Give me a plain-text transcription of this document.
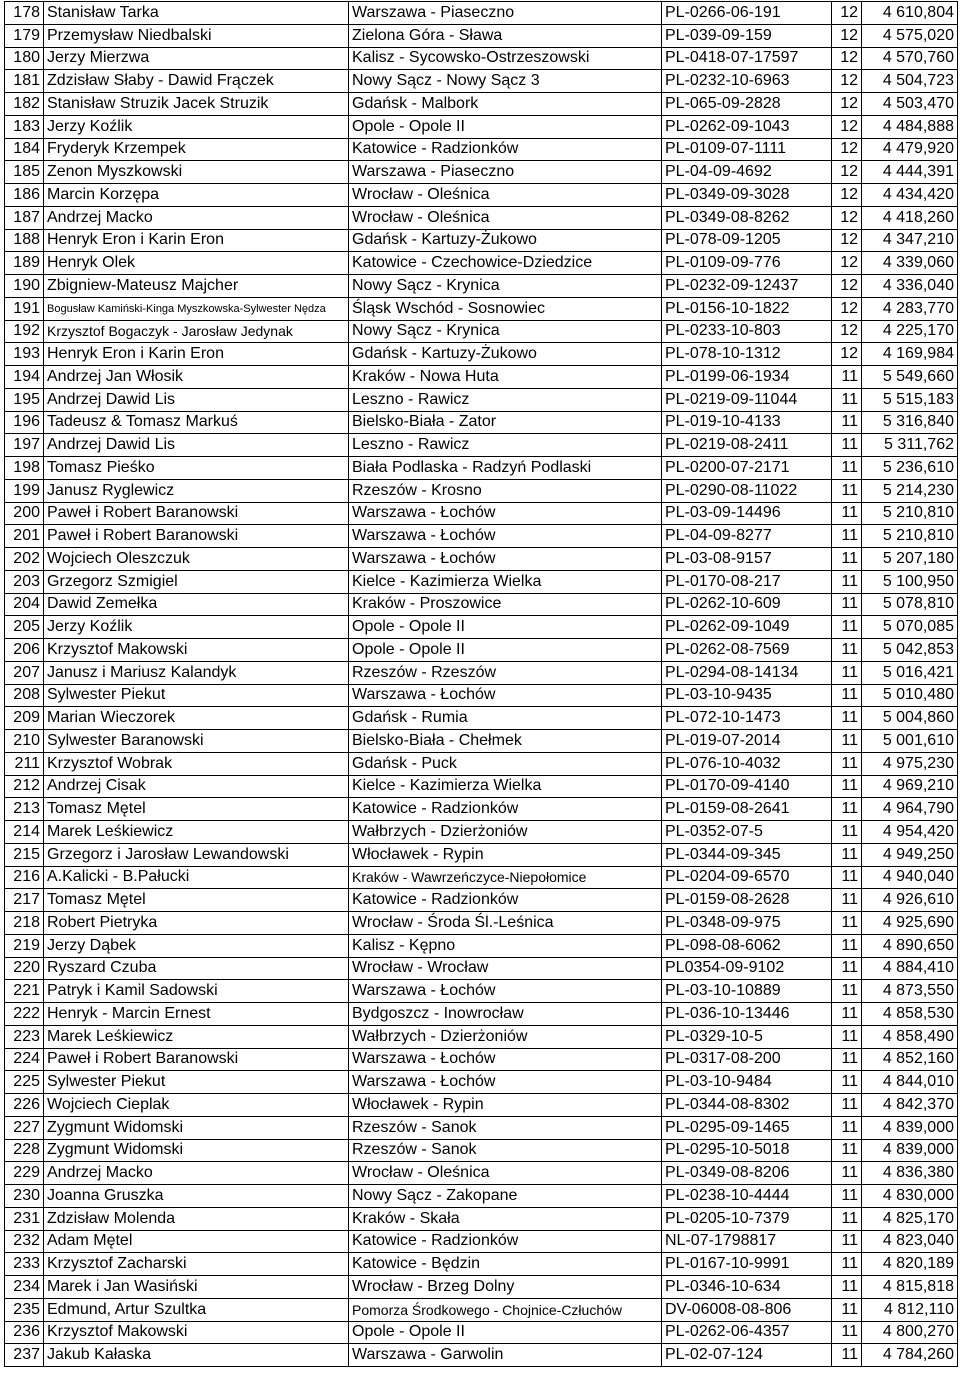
178	Stanisław Tarka	Warszawa - Piaseczno	PL-0266-06-191	12	4 610,804
179	Przemysław Niedbalski	Zielona Góra - Sława	PL-039-09-159	12	4 575,020
180	Jerzy Mierzwa	Kalisz - Sycowsko-Ostrzeszowski	PL-0418-07-17597	12	4 570,760
181	Zdzisław Słaby - Dawid Frączek	Nowy Sącz - Nowy Sącz 3	PL-0232-10-6963	12	4 504,723
182	Stanisław Struzik Jacek Struzik	Gdańsk - Malbork	PL-065-09-2828	12	4 503,470
183	Jerzy Koźlik	Opole - Opole II	PL-0262-09-1043	12	4 484,888
184	Fryderyk Krzempek	Katowice - Radzionków	PL-0109-07-1111	12	4 479,920
185	Zenon Myszkowski	Warszawa - Piaseczno	PL-04-09-4692	12	4 444,391
186	Marcin Korzępa	Wrocław - Oleśnica	PL-0349-09-3028	12	4 434,420
187	Andrzej Macko	Wrocław - Oleśnica	PL-0349-08-8262	12	4 418,260
188	Henryk Eron i Karin Eron	Gdańsk - Kartuzy-Żukowo	PL-078-09-1205	12	4 347,210
189	Henryk Olek	Katowice - Czechowice-Dziedzice	PL-0109-09-776	12	4 339,060
190	Zbigniew-Mateusz Majcher	Nowy Sącz - Krynica	PL-0232-09-12437	12	4 336,040
191	Bogusław Kamiński-Kinga Myszkowska-Sylwester Nędza	Śląsk Wschód - Sosnowiec	PL-0156-10-1822	12	4 283,770
192	Krzysztof Bogaczyk - Jarosław Jedynak	Nowy Sącz - Krynica	PL-0233-10-803	12	4 225,170
193	Henryk Eron i Karin Eron	Gdańsk - Kartuzy-Żukowo	PL-078-10-1312	12	4 169,984
194	Andrzej Jan Włosik	Kraków - Nowa Huta	PL-0199-06-1934	11	5 549,660
195	Andrzej Dawid Lis	Leszno - Rawicz	PL-0219-09-11044	11	5 515,183
196	Tadeusz & Tomasz Markuś	Bielsko-Biała - Zator	PL-019-10-4133	11	5 316,840
197	Andrzej Dawid Lis	Leszno - Rawicz	PL-0219-08-2411	11	5 311,762
198	Tomasz Pieśko	Biała Podlaska - Radzyń Podlaski	PL-0200-07-2171	11	5 236,610
199	Janusz Ryglewicz	Rzeszów - Krosno	PL-0290-08-11022	11	5 214,230
200	Paweł i Robert Baranowski	Warszawa - Łochów	PL-03-09-14496	11	5 210,810
201	Paweł i Robert Baranowski	Warszawa - Łochów	PL-04-09-8277	11	5 210,810
202	Wojciech Oleszczuk	Warszawa - Łochów	PL-03-08-9157	11	5 207,180
203	Grzegorz Szmigiel	Kielce - Kazimierza Wielka	PL-0170-08-217	11	5 100,950
204	Dawid Zemełka	Kraków - Proszowice	PL-0262-10-609	11	5 078,810
205	Jerzy Koźlik	Opole - Opole II	PL-0262-09-1049	11	5 070,085
206	Krzysztof Makowski	Opole - Opole II	PL-0262-08-7569	11	5 042,853
207	Janusz i Mariusz Kalandyk	Rzeszów - Rzeszów	PL-0294-08-14134	11	5 016,421
208	Sylwester Piekut	Warszawa - Łochów	PL-03-10-9435	11	5 010,480
209	Marian Wieczorek	Gdańsk - Rumia	PL-072-10-1473	11	5 004,860
210	Sylwester Baranowski	Bielsko-Biała - Chełmek	PL-019-07-2014	11	5 001,610
211	Krzysztof Wobrak	Gdańsk - Puck	PL-076-10-4032	11	4 975,230
212	Andrzej Cisak	Kielce - Kazimierza Wielka	PL-0170-09-4140	11	4 969,210
213	Tomasz Mętel	Katowice - Radzionków	PL-0159-08-2641	11	4 964,790
214	Marek Leśkiewicz	Wałbrzych - Dzierżoniów	PL-0352-07-5	11	4 954,420
215	Grzegorz i Jarosław Lewandowski	Włocławek - Rypin	PL-0344-09-345	11	4 949,250
216	A.Kalicki - B.Pałucki	Kraków - Wawrzeńczyce-Niepołomice	PL-0204-09-6570	11	4 940,040
217	Tomasz Mętel	Katowice - Radzionków	PL-0159-08-2628	11	4 926,610
218	Robert Pietryka	Wrocław - Środa Śl.-Leśnica	PL-0348-09-975	11	4 925,690
219	Jerzy Dąbek	Kalisz - Kępno	PL-098-08-6062	11	4 890,650
220	Ryszard Czuba	Wrocław - Wrocław	PL0354-09-9102	11	4 884,410
221	Patryk i Kamil Sadowski	Warszawa - Łochów	PL-03-10-10889	11	4 873,550
222	Henryk - Marcin Ernest	Bydgoszcz - Inowrocław	PL-036-10-13446	11	4 858,530
223	Marek Leśkiewicz	Wałbrzych - Dzierżoniów	PL-0329-10-5	11	4 858,490
224	Paweł i Robert Baranowski	Warszawa - Łochów	PL-0317-08-200	11	4 852,160
225	Sylwester Piekut	Warszawa - Łochów	PL-03-10-9484	11	4 844,010
226	Wojciech Cieplak	Włocławek - Rypin	PL-0344-08-8302	11	4 842,370
227	Zygmunt Widomski	Rzeszów - Sanok	PL-0295-09-1465	11	4 839,000
228	Zygmunt Widomski	Rzeszów - Sanok	PL-0295-10-5018	11	4 839,000
229	Andrzej Macko	Wrocław - Oleśnica	PL-0349-08-8206	11	4 836,380
230	Joanna Gruszka	Nowy Sącz - Zakopane	PL-0238-10-4444	11	4 830,000
231	Zdzisław Molenda	Kraków - Skała	PL-0205-10-7379	11	4 825,170
232	Adam Mętel	Katowice - Radzionków	NL-07-1798817	11	4 823,040
233	Krzysztof Zacharski	Katowice - Będzin	PL-0167-10-9991	11	4 820,189
234	Marek i Jan Wasiński	Wrocław - Brzeg Dolny	PL-0346-10-634	11	4 815,818
235	Edmund, Artur Szultka	Pomorza Środkowego - Chojnice-Człuchów	DV-06008-08-806	11	4 812,110
236	Krzysztof Makowski	Opole - Opole II	PL-0262-06-4357	11	4 800,270
237	Jakub Kałaska	Warszawa - Garwolin	PL-02-07-124	11	4 784,260
